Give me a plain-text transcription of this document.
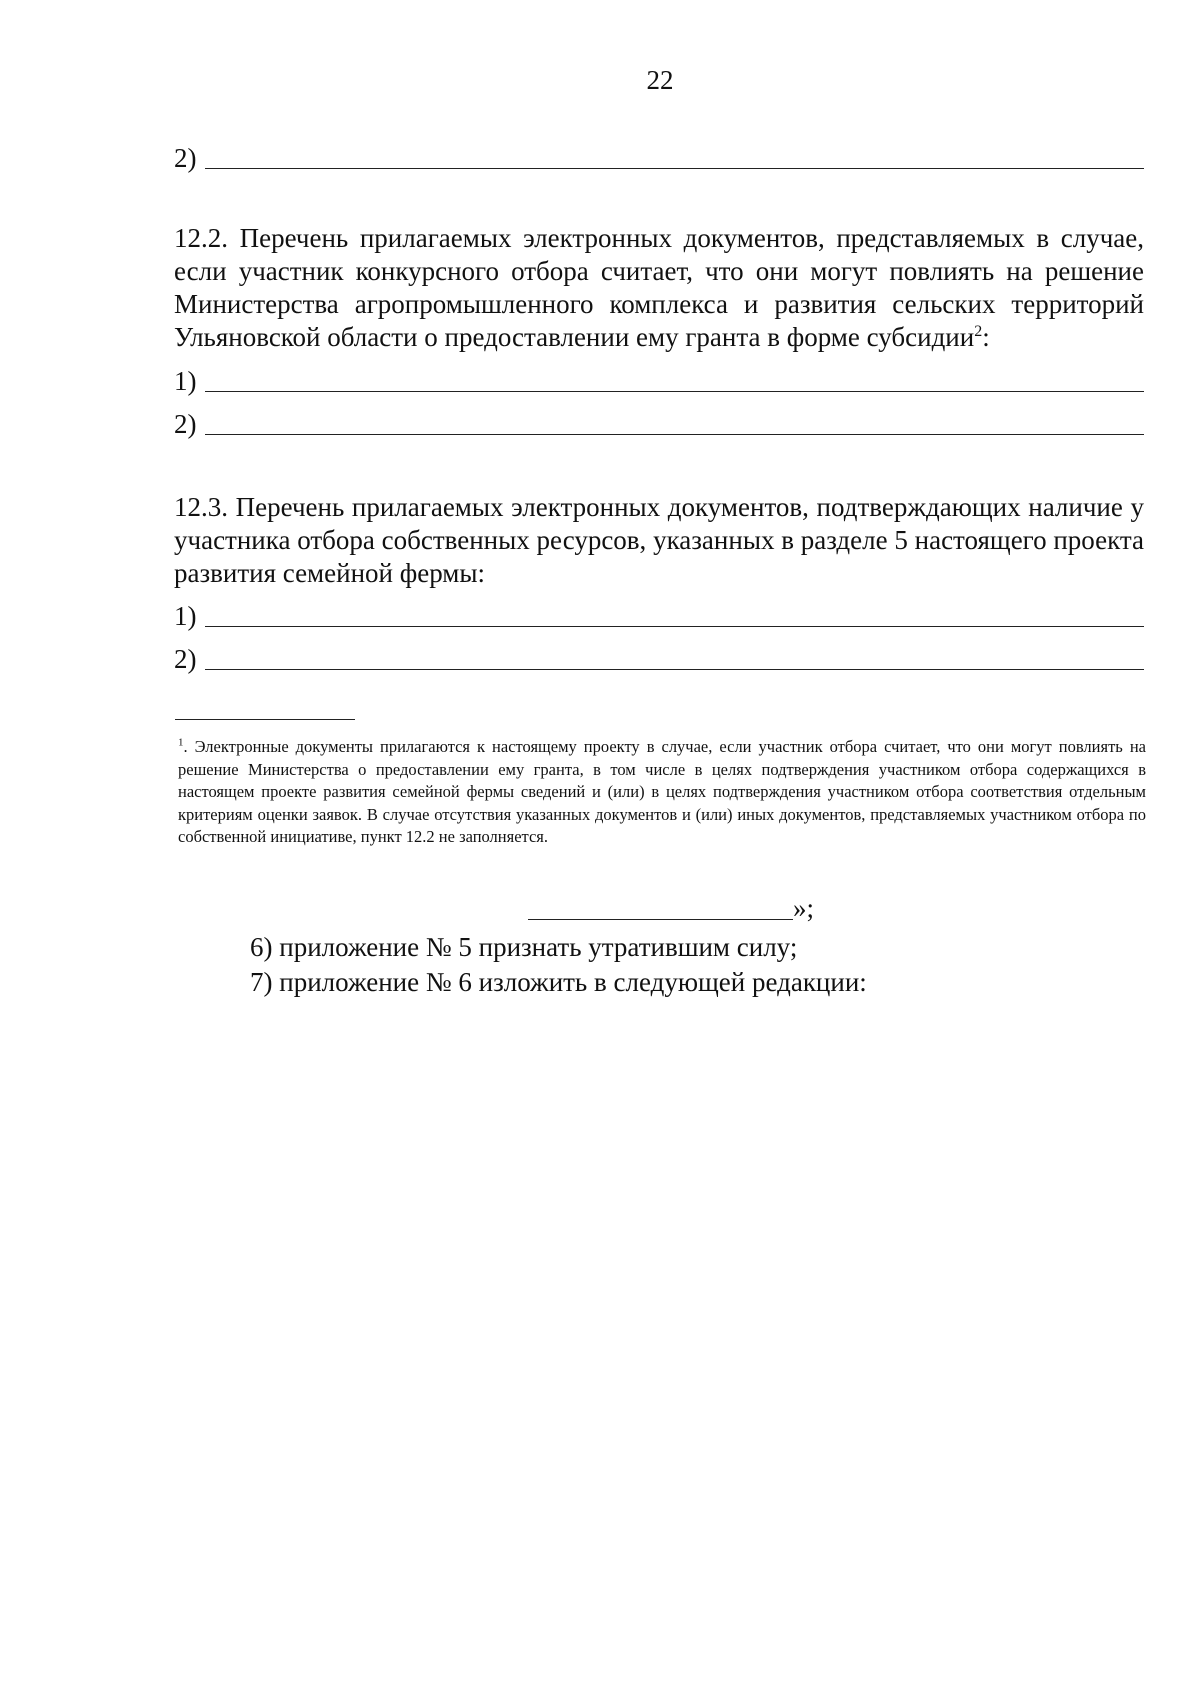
22
2)
12.2. Перечень прилагаемых электронных документов, представляемых в случае, если участник конкурсного отбора считает, что они могут повлиять на решение Министерства агропромышленного комплекса и развития сельских территорий Ульяновской области о предоставлении ему гранта в форме субсидии$^2$:
1)
2)
12.3. Перечень прилагаемых электронных документов, подтверждающих наличие у участника отбора собственных ресурсов, указанных в разделе 5 настоящего проекта развития семейной фермы:
1)
2)
$^1$. Электронные документы прилагаются к настоящему проекту в случае, если участник отбора считает, что они могут повлиять на решение Министерства о предоставлении ему гранта, в том числе в целях подтверждения участником отбора содержащихся в настоящем проекте развития семейной фермы сведений и (или) в целях подтверждения участником отбора соответствия отдельным критериям оценки заявок. В случае отсутствия указанных документов и (или) иных документов, представляемых участником отбора по собственной инициативе, пункт 12.2 не заполняется.
»;
6) приложение № 5 признать утратившим силу;
7) приложение № 6 изложить в следующей редакции:
